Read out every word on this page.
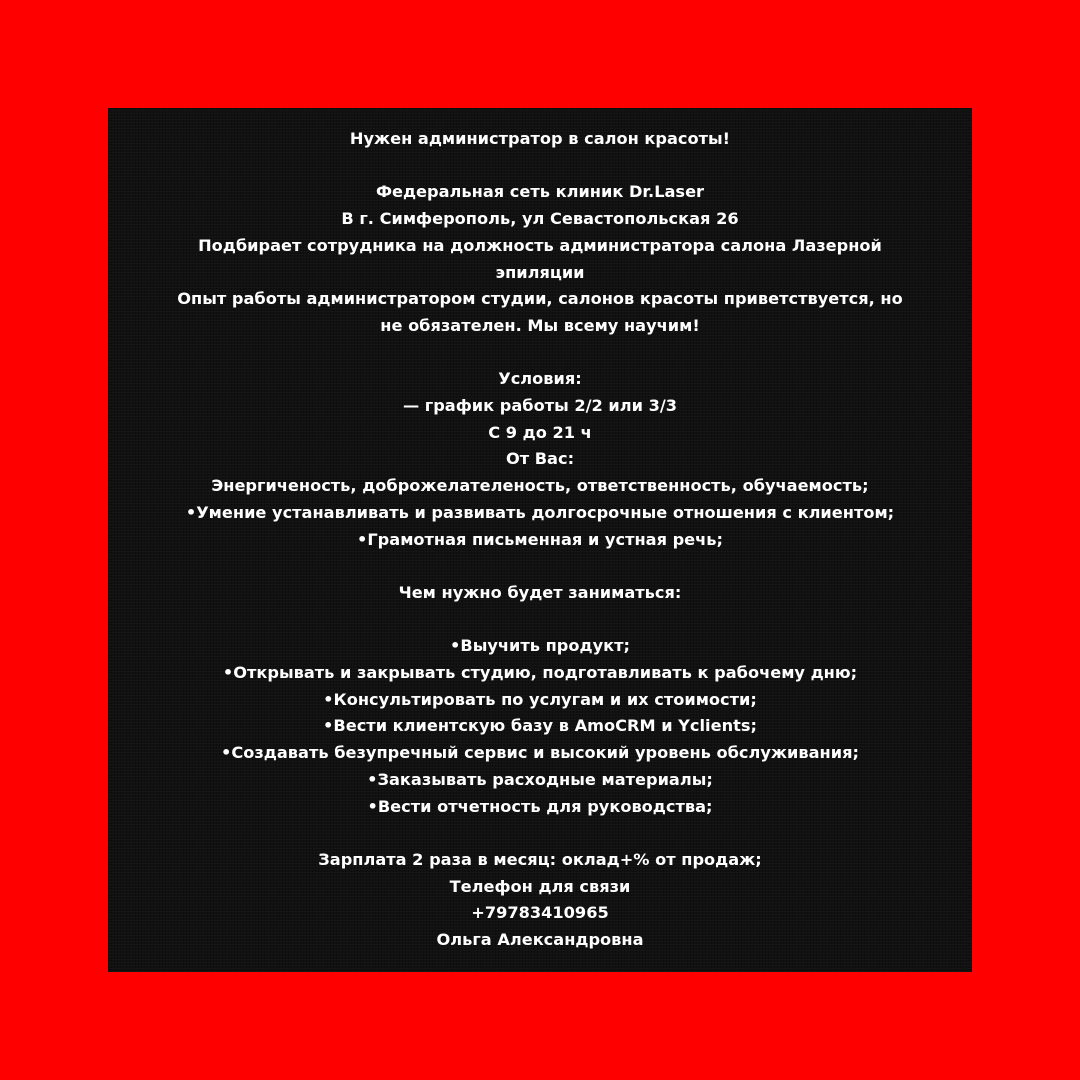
Нужен администратор в салон красоты!
Федеральная сеть клиник Dr.Laser
В г. Симферополь, ул Севастопольская 26
Подбирает сотрудника на должность администратора салона Лазерной
эпиляции
Опыт работы администратором студии, салонов красоты приветствуется, но
не обязателен. Мы всему научим!
Условия:
— график работы 2/2 или 3/3
С 9 до 21 ч
От Вас:
Энергиченость, доброжелателеность, ответственность, обучаемость;
•Умение устанавливать и развивать долгосрочные отношения с клиентом;
•Грамотная письменная и устная речь;
Чем нужно будет заниматься:
•Выучить продукт;
•Открывать и закрывать студию, подготавливать к рабочему дню;
•Консультировать по услугам и их стоимости;
•Вести клиентскую базу в AmoCRM и Yclients;
•Создавать безупречный сервис и высокий уровень обслуживания;
•Заказывать расходные материалы;
•Вести отчетность для руководства;
Зарплата 2 раза в месяц: оклад+% от продаж;
Телефон для связи
+79783410965
Ольга Александровна
